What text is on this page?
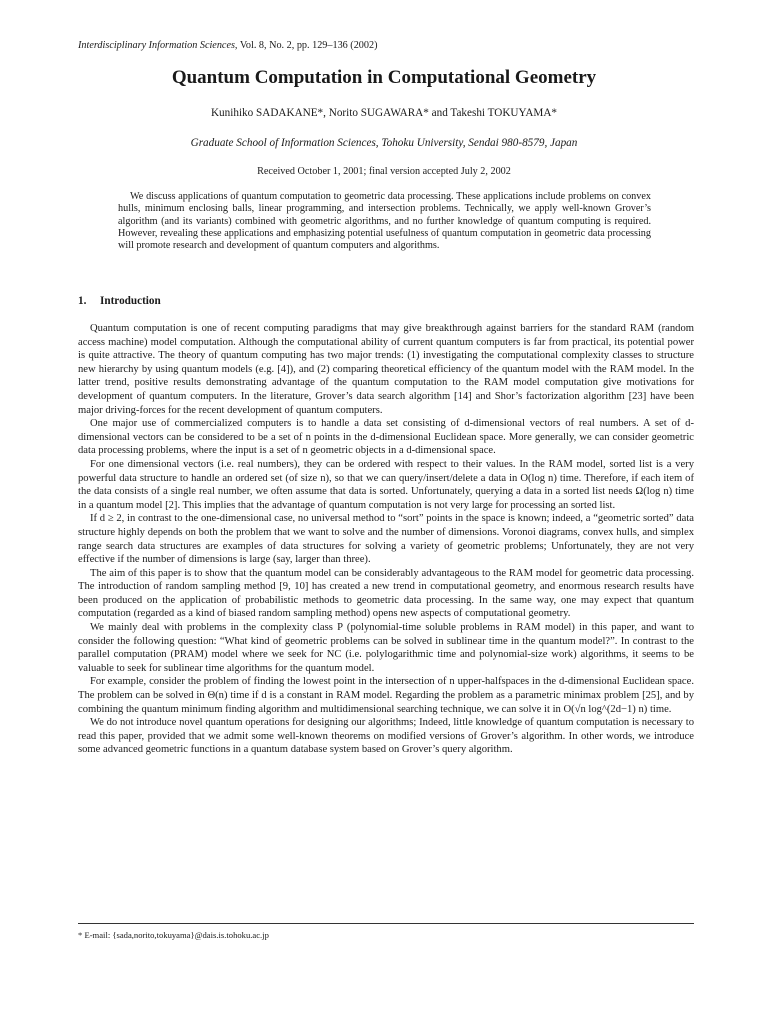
Interdisciplinary Information Sciences, Vol. 8, No. 2, pp. 129–136 (2002)
Quantum Computation in Computational Geometry
Kunihiko SADAKANE*, Norito SUGAWARA* and Takeshi TOKUYAMA*
Graduate School of Information Sciences, Tohoku University, Sendai 980-8579, Japan
Received October 1, 2001; final version accepted July 2, 2002

We discuss applications of quantum computation to geometric data processing. These applications include problems on convex hulls, minimum enclosing balls, linear programming, and intersection problems. Technically, we apply well-known Grover’s algorithm (and its variants) combined with geometric algorithms, and no further knowledge of quantum computing is required. However, revealing these applications and emphasizing potential usefulness of quantum computation in geometric data processing will promote research and development of quantum computers and algorithms.

1. Introduction

Quantum computation is one of recent computing paradigms that may give breakthrough against barriers for the standard RAM (random access machine) model computation. Although the computational ability of current quantum computers is far from practical, its potential power is quite attractive. The theory of quantum computing has two major trends: (1) investigating the computational complexity classes to structure new hierarchy by using quantum models (e.g. [4]), and (2) comparing theoretical efficiency of the quantum model with the RAM model. In the latter trend, positive results demonstrating advantage of the quantum computation to the RAM model computation give motivations for development of quantum computers. In the literature, Grover’s data search algorithm [14] and Shor’s factorization algorithm [23] have been major driving-forces for the recent development of quantum computers.

One major use of commercialized computers is to handle a data set consisting of d-dimensional vectors of real numbers. A set of d-dimensional vectors can be considered to be a set of n points in the d-dimensional Euclidean space. More generally, we can consider geometric data processing problems, where the input is a set of n geometric objects in a d-dimensional space.

For one dimensional vectors (i.e. real numbers), they can be ordered with respect to their values. In the RAM model, sorted list is a very powerful data structure to handle an ordered set (of size n), so that we can query/insert/delete a data in O(log n) time. Therefore, if each item of the data consists of a single real number, we often assume that data is sorted. Unfortunately, querying a data in a sorted list needs Ω(log n) time in a quantum model [2]. This implies that the advantage of quantum computation is not very large for processing an sorted list.

If d ≥ 2, in contrast to the one-dimensional case, no universal method to “sort” points in the space is known; indeed, a “geometric sorted” data structure highly depends on both the problem that we want to solve and the number of dimensions. Voronoi diagrams, convex hulls, and simplex range search data structures are examples of data structures for solving a variety of geometric problems; Unfortunately, they are not very effective if the number of dimensions is large (say, larger than three).

The aim of this paper is to show that the quantum model can be considerably advantageous to the RAM model for geometric data processing. The introduction of random sampling method [9, 10] has created a new trend in computational geometry, and enormous research results have been produced on the application of probabilistic methods to geometric data processing. In the same way, one may expect that quantum computation (regarded as a kind of biased random sampling method) opens new aspects of computational geometry.

We mainly deal with problems in the complexity class P (polynomial-time soluble problems in RAM model) in this paper, and want to consider the following question: “What kind of geometric problems can be solved in sublinear time in the quantum model?”. In contrast to the parallel computation (PRAM) model where we seek for NC (i.e. polylogarithmic time and polynomial-size work) algorithms, it seems to be valuable to seek for sublinear time algorithms for the quantum model.

For example, consider the problem of finding the lowest point in the intersection of n upper-halfspaces in the d-dimensional Euclidean space. The problem can be solved in Θ(n) time if d is a constant in RAM model. Regarding the problem as a parametric minimax problem [25], and by combining the quantum minimum finding algorithm and multidimensional searching technique, we can solve it in O(√n log^(2d−1) n) time.

We do not introduce novel quantum operations for designing our algorithms; Indeed, little knowledge of quantum computation is necessary to read this paper, provided that we admit some well-known theorems on modified versions of Grover’s algorithm. In other words, we introduce some advanced geometric functions in a quantum database system based on Grover’s query algorithm.

* E-mail: {sada,norito,tokuyama}@dais.is.tohoku.ac.jp
